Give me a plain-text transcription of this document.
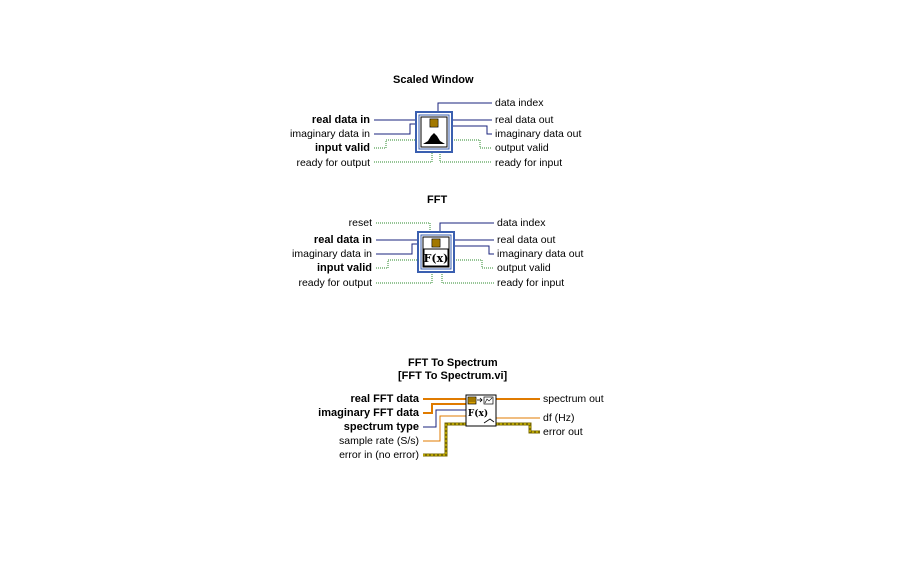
Scaled Window
real data in
imaginary data in
input valid
ready for output
data index
real data out
imaginary data out
output valid
ready for input
FFT
reset
real data in
imaginary data in
input valid
ready for output
data index
real data out
imaginary data out
output valid
ready for input
FFT To Spectrum
[FFT To Spectrum.vi]
real FFT data
imaginary FFT data
spectrum type
sample rate (S/s)
error in (no error)
spectrum out
df (Hz)
error out
F(x)
F(x)
